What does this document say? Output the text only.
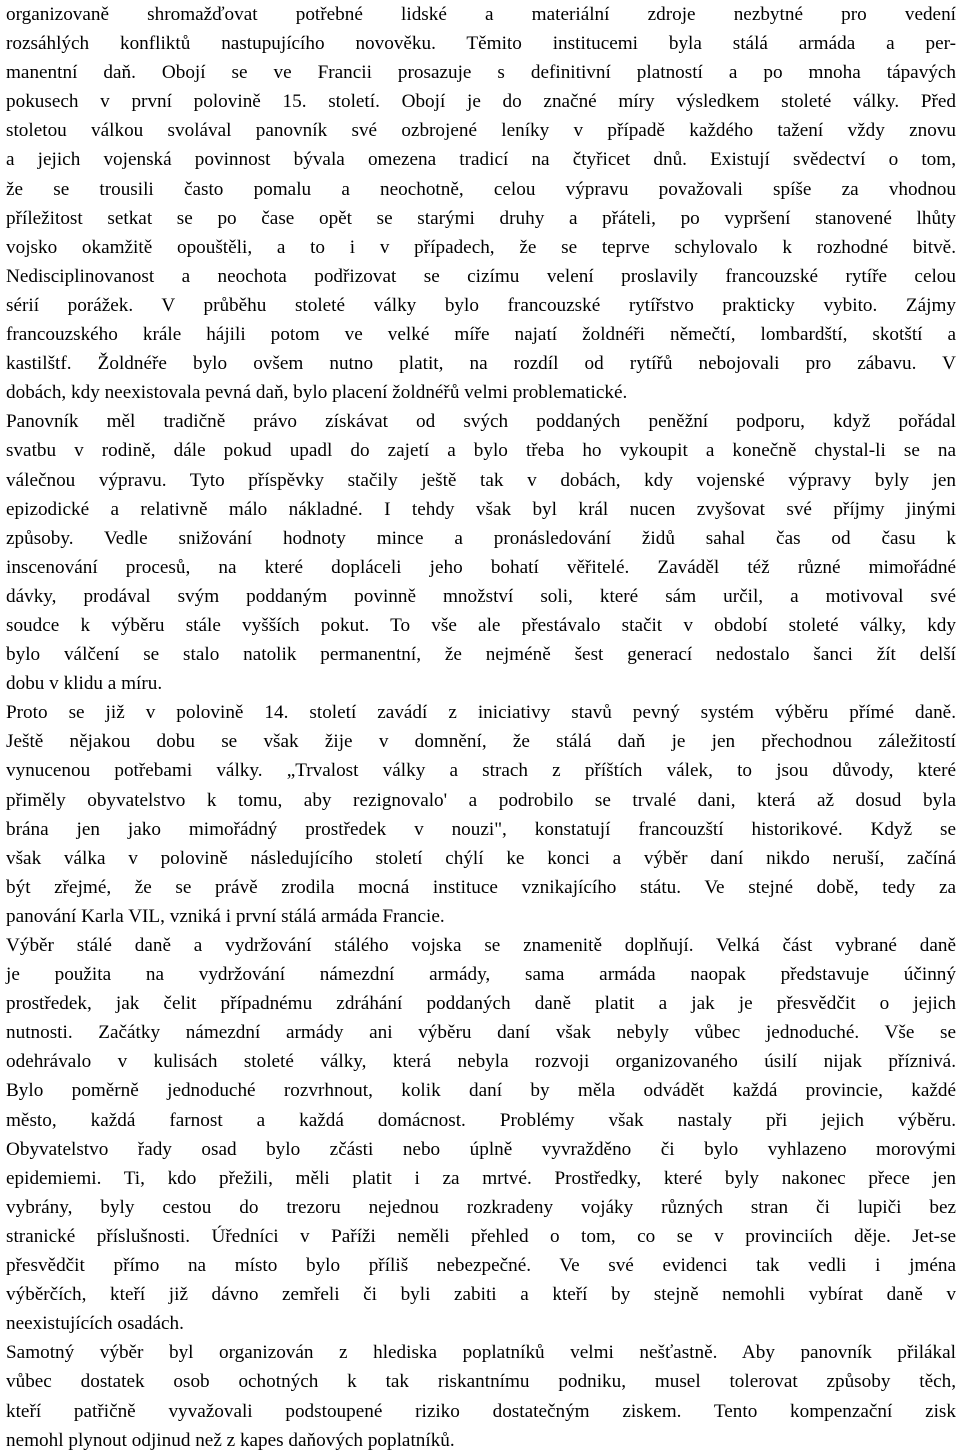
organizovaně shromažďovat potřebné lidské a materiální zdroje nezbytné pro vedení
rozsáhlých konfliktů nastupujícího novověku. Těmito institucemi byla stálá armáda a per-
manentní daň. Obojí se ve Francii prosazuje s definitivní platností a po mnoha tápavých
pokusech v první polovině 15. století. Obojí je do značné míry výsledkem stoleté války. Před
stoletou válkou svolával panovník své ozbrojené leníky v případě každého tažení vždy znovu
a jejich vojenská povinnost bývala omezena tradicí na čtyřicet dnů. Existují svědectví o tom,
že se trousili často pomalu a neochotně, celou výpravu považovali spíše za vhodnou
příležitost setkat se po čase opět se starými druhy a přáteli, po vypršení stanovené lhůty
vojsko okamžitě opouštěli, a to i v případech, že se teprve schylovalo k rozhodné bitvě.
Nedisciplinovanost a neochota podřizovat se cizímu velení proslavily francouzské rytíře celou
sérií porážek. V průběhu stoleté války bylo francouzské rytířstvo prakticky vybito. Zájmy
francouzského krále hájili potom ve velké míře najatí žoldnéři němečtí, lombardští, skotští a
kastilštf. Žoldnéře bylo ovšem nutno platit, na rozdíl od rytířů nebojovali pro zábavu. V
dobách, kdy neexistovala pevná daň, bylo placení žoldnéřů velmi problematické.

Panovník měl tradičně právo získávat od svých poddaných peněžní podporu, když pořádal
svatbu v rodině, dále pokud upadl do zajetí a bylo třeba ho vykoupit a konečně chystal-li se na
válečnou výpravu. Tyto příspěvky stačily ještě tak v dobách, kdy vojenské výpravy byly jen
epizodické a relativně málo nákladné. I tehdy však byl král nucen zvyšovat své příjmy jinými
způsoby. Vedle snižování hodnoty mince a pronásledování židů sahal čas od času k
inscenování procesů, na které dopláceli jeho bohatí věřitelé. Zaváděl též různé mimořádné
dávky, prodával svým poddaným povinně množství soli, které sám určil, a motivoval své
soudce k výběru stále vyšších pokut. To vše ale přestávalo stačit v období stoleté války, kdy
bylo válčení se stalo natolik permanentní, že nejméně šest generací nedostalo šanci žít delší
dobu v klidu a míru.

Proto se již v polovině 14. století zavádí z iniciativy stavů pevný systém výběru přímé daně.
Ještě nějakou dobu se však žije v domnění, že stálá daň je jen přechodnou záležitostí
vynucenou potřebami války. „Trvalost války a strach z příštích válek, to jsou důvody, které
přiměly obyvatelstvo k tomu, aby rezignovalo' a podrobilo se trvalé dani, která až dosud byla
brána jen jako mimořádný prostředek v nouzi", konstatují francouzští historikové. Když se
však válka v polovině následujícího století chýlí ke konci a výběr daní nikdo neruší, začíná
být zřejmé, že se právě zrodila mocná instituce vznikajícího státu. Ve stejné době, tedy za
panování Karla VIL, vzniká i první stálá armáda Francie.

Výběr stálé daně a vydržování stálého vojska se znamenitě doplňují. Velká část vybrané daně
je použita na vydržování námezdní armády, sama armáda naopak představuje účinný
prostředek, jak čelit případnému zdráhání poddaných daně platit a jak je přesvědčit o jejich
nutnosti. Začátky námezdní armády ani výběru daní však nebyly vůbec jednoduché. Vše se
odehrávalo v kulisách stoleté války, která nebyla rozvoji organizovaného úsilí nijak příznivá.
Bylo poměrně jednoduché rozvrhnout, kolik daní by měla odvádět každá provincie, každé
město, každá farnost a každá domácnost. Problémy však nastaly při jejich výběru.
Obyvatelstvo řady osad bylo zčásti nebo úplně vyvražděno či bylo vyhlazeno morovými
epidemiemi. Ti, kdo přežili, měli platit i za mrtvé. Prostředky, které byly nakonec přece jen
vybrány, byly cestou do trezoru nejednou rozkradeny vojáky různých stran či lupiči bez
stranické příslušnosti. Úředníci v Paříži neměli přehled o tom, co se v provinciích děje. Jet-se
přesvědčit přímo na místo bylo příliš nebezpečné. Ve své evidenci tak vedli i jména
výběrčích, kteří již dávno zemřeli či byli zabiti a kteří by stejně nemohli vybírat daně v
neexistujících osadách.

Samotný výběr byl organizován z hlediska poplatníků velmi nešťastně. Aby panovník přilákal
vůbec dostatek osob ochotných k tak riskantnímu podniku, musel tolerovat způsoby těch,
kteří patřičně vyvažovali podstoupené riziko dostatečným ziskem. Tento kompenzační zisk
nemohl plynout odjinud než z kapes daňových poplatníků.
